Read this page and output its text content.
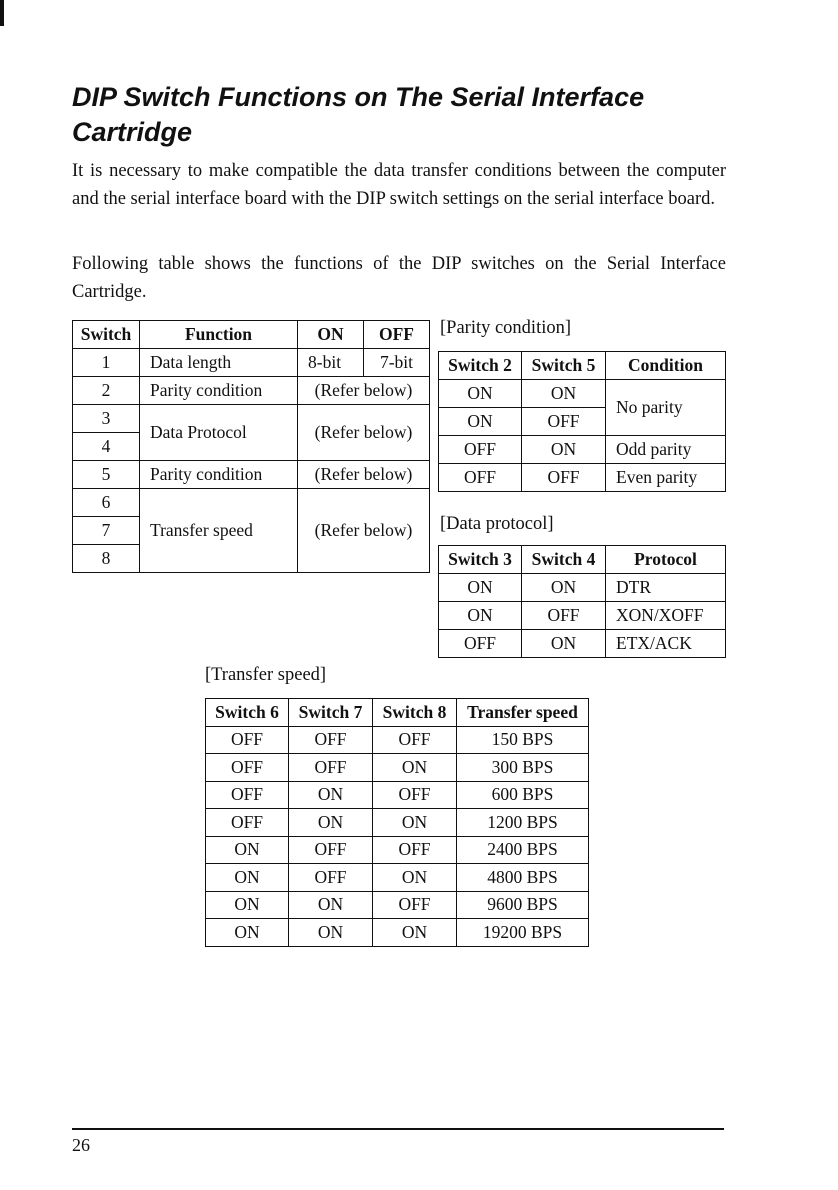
DIP Switch Functions on The Serial Interface Cartridge

It is necessary to make compatible the data transfer conditions between the computer and the serial interface board with the DIP switch settings on the serial interface board.

Following table shows the functions of the DIP switches on the Serial Interface Cartridge.

Switch	Function	ON	OFF
1	Data length	8-bit	7-bit
2	Parity condition	(Refer below)	
3	Data Protocol	(Refer below)	
4			
5	Parity condition	(Refer below)	
6	Transfer speed	(Refer below)	
7			
8			

[Parity condition]

Switch 2	Switch 5	Condition
ON	ON	No parity
ON	OFF	
OFF	ON	Odd parity
OFF	OFF	Even parity

[Data protocol]

Switch 3	Switch 4	Protocol
ON	ON	DTR
ON	OFF	XON/XOFF
OFF	ON	ETX/ACK

[Transfer speed]

Switch 6	Switch 7	Switch 8	Transfer speed
OFF	OFF	OFF	150 BPS
OFF	OFF	ON	300 BPS
OFF	ON	OFF	600 BPS
OFF	ON	ON	1200 BPS
ON	OFF	OFF	2400 BPS
ON	OFF	ON	4800 BPS
ON	ON	OFF	9600 BPS
ON	ON	ON	19200 BPS
26
